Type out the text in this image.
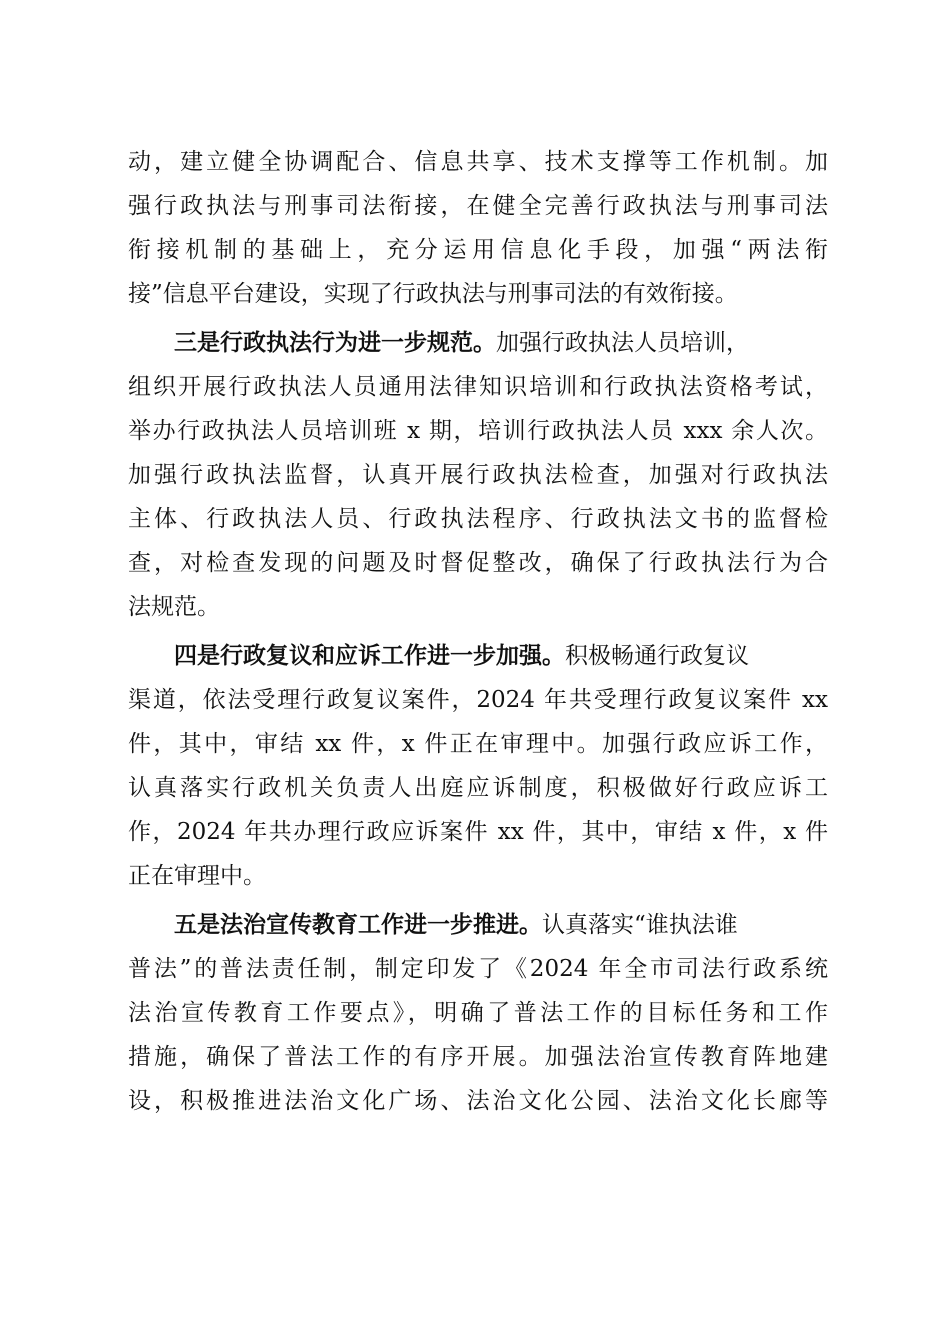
动，建立健全协调配合、信息共享、技术支撑等工作机制。加
强行政执法与刑事司法衔接，在健全完善行政执法与刑事司法
衔接机制的基础上，充分运用信息化手段，加强“两法衔
接”信息平台建设，实现了行政执法与刑事司法的有效衔接。
三是行政执法行为进一步规范。加强行政执法人员培训，
组织开展行政执法人员通用法律知识培训和行政执法资格考试，
举办行政执法人员培训班 x 期，培训行政执法人员 xxx 余人次。
加强行政执法监督，认真开展行政执法检查，加强对行政执法
主体、行政执法人员、行政执法程序、行政执法文书的监督检
查，对检查发现的问题及时督促整改，确保了行政执法行为合
法规范。
四是行政复议和应诉工作进一步加强。积极畅通行政复议
渠道，依法受理行政复议案件，2024 年共受理行政复议案件 xx
件，其中，审结 xx 件，x 件正在审理中。加强行政应诉工作，
认真落实行政机关负责人出庭应诉制度，积极做好行政应诉工
作，2024 年共办理行政应诉案件 xx 件，其中，审结 x 件，x 件
正在审理中。
五是法治宣传教育工作进一步推进。认真落实“谁执法谁
普法”的普法责任制，制定印发了《2024 年全市司法行政系统
法治宣传教育工作要点》，明确了普法工作的目标任务和工作
措施，确保了普法工作的有序开展。加强法治宣传教育阵地建
设，积极推进法治文化广场、法治文化公园、法治文化长廊等
